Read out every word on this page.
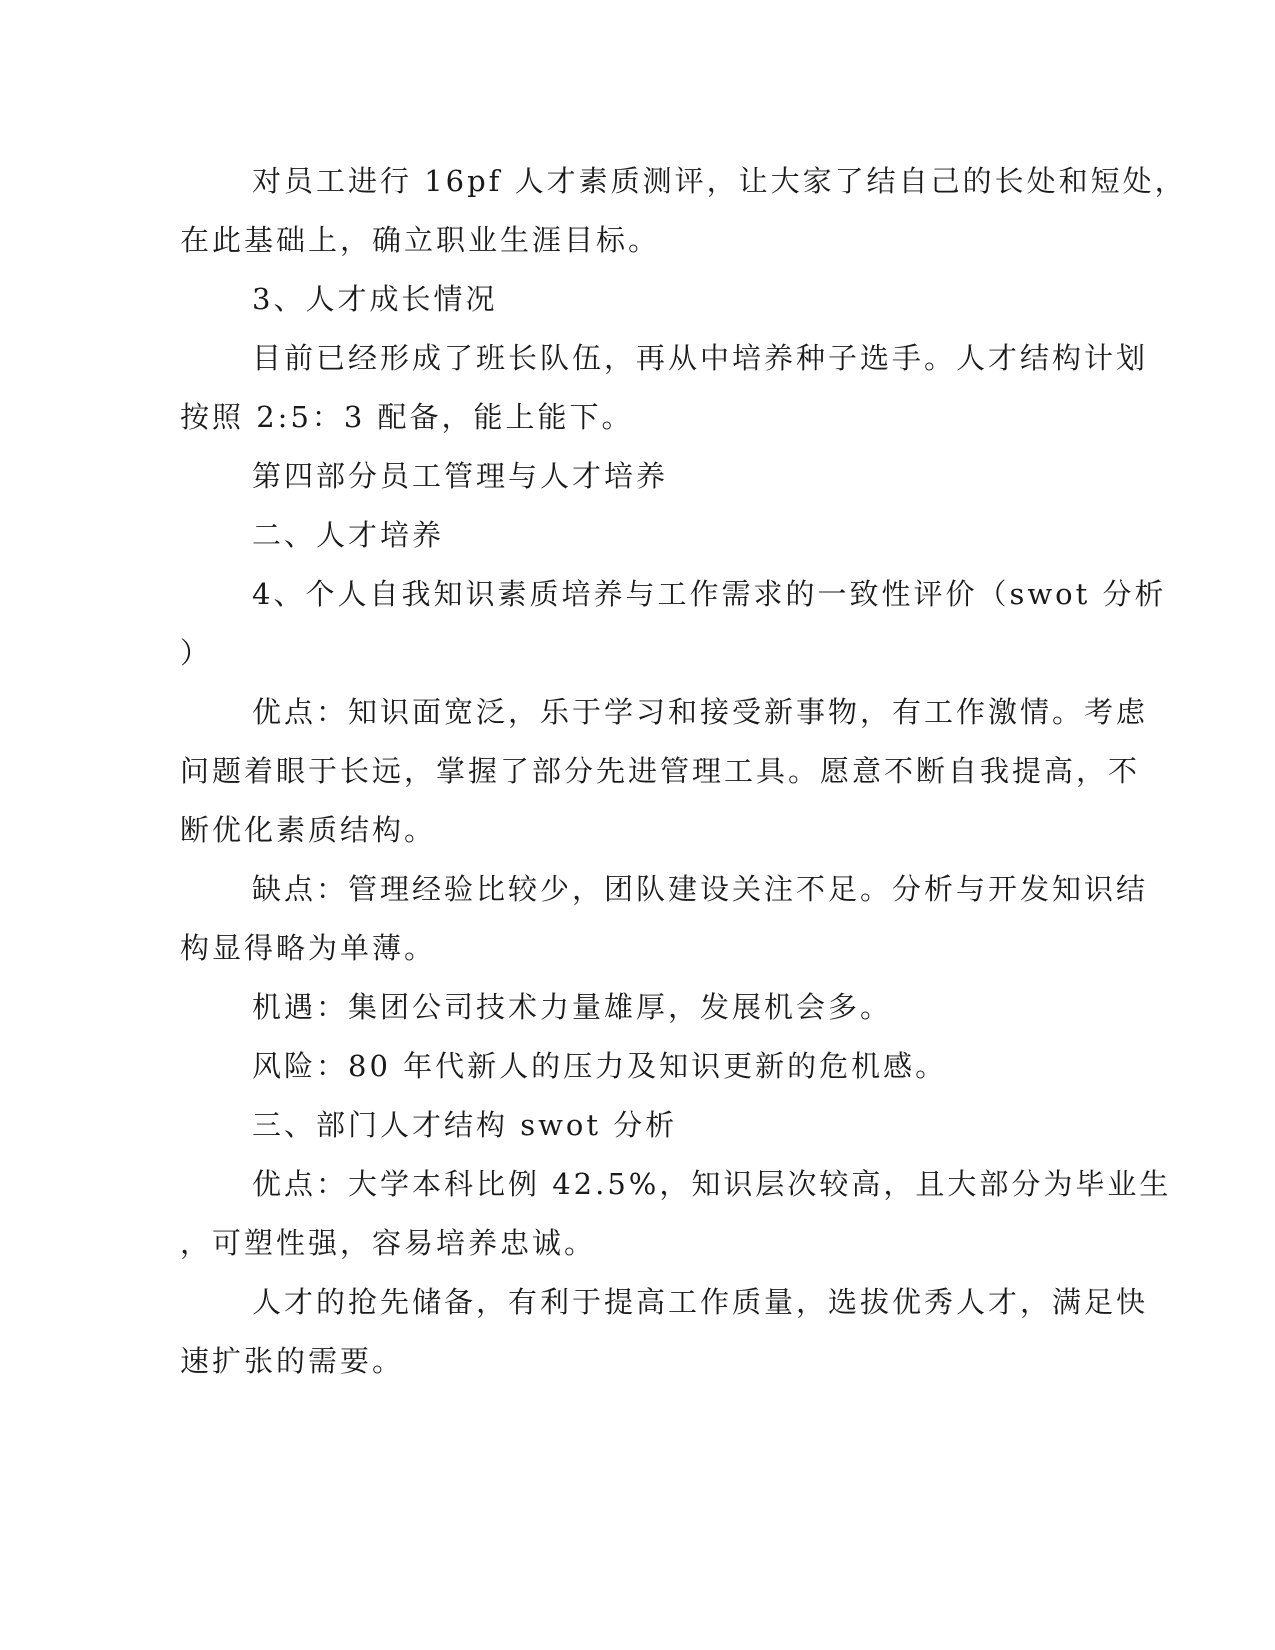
对员工进行 16pf 人才素质测评，让大家了结自己的长处和短处，
在此基础上，确立职业生涯目标。

3、人才成长情况

目前已经形成了班长队伍，再从中培养种子选手。人才结构计划
按照 2:5：3 配备，能上能下。

第四部分员工管理与人才培养

二、人才培养

4、个人自我知识素质培养与工作需求的一致性评价（swot 分析
）

优点：知识面宽泛，乐于学习和接受新事物，有工作激情。考虑
问题着眼于长远，掌握了部分先进管理工具。愿意不断自我提高，不
断优化素质结构。

缺点：管理经验比较少，团队建设关注不足。分析与开发知识结
构显得略为单薄。

机遇：集团公司技术力量雄厚，发展机会多。

风险：80 年代新人的压力及知识更新的危机感。

三、部门人才结构 swot 分析

优点：大学本科比例 42.5%，知识层次较高，且大部分为毕业生
，可塑性强，容易培养忠诚。

人才的抢先储备，有利于提高工作质量，选拔优秀人才，满足快
速扩张的需要。
